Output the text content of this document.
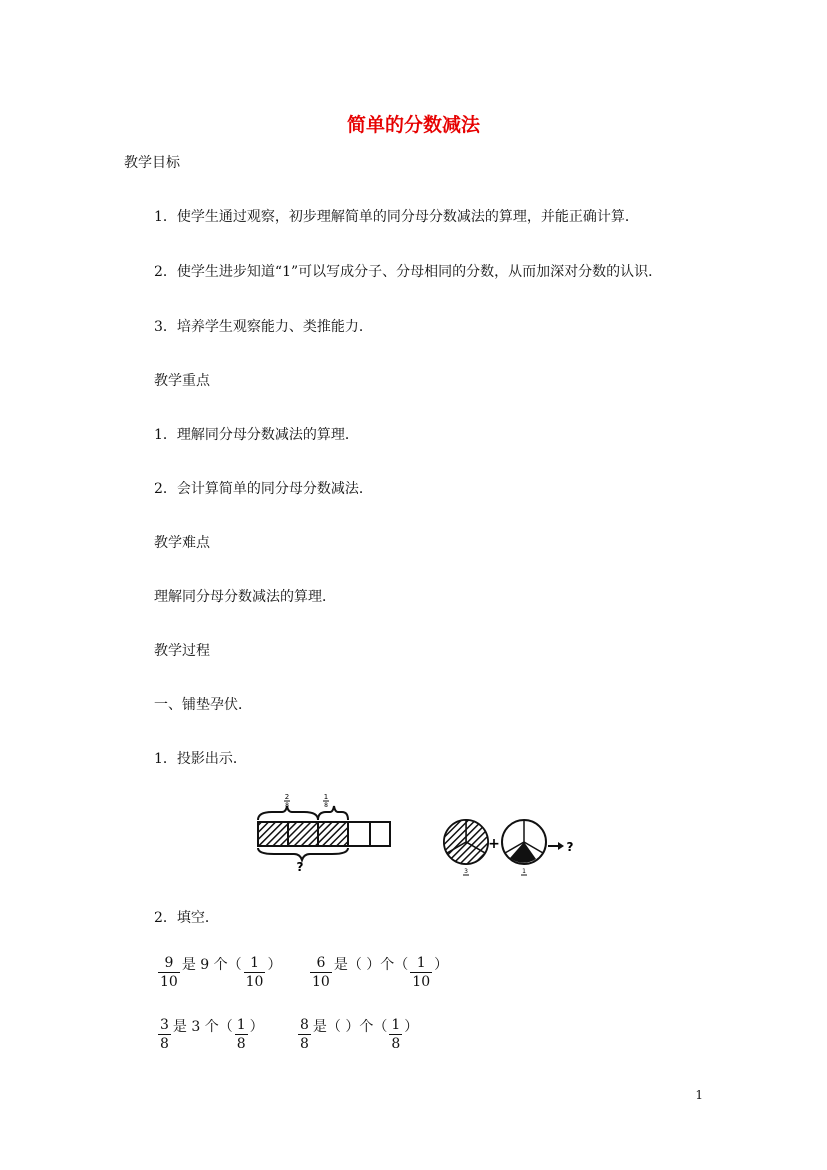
简单的分数减法
教学目标
1．使学生通过观察，初步理解简单的同分母分数减法的算理，并能正确计算．
2．使学生进步知道“1”可以写成分子、分母相同的分数，从而加深对分数的认识．
3．培养学生观察能力、类推能力．
教学重点
1．理解同分母分数减法的算理．
2．会计算简单的同分母分数减法．
教学难点
理解同分母分数减法的算理．
教学过程
一、铺垫孕伏．
1．投影出示．
2
8
1
8
?	3
+
1
?
2．填空．
$\frac{9}{10}$ 是 9 个（ $\frac{1}{10}$ ） $\frac{6}{10}$ 是（ ）个（ $\frac{1}{10}$ ）
$\frac{3}{8}$ 是 3 个（ $\frac{1}{8}$ ） $\frac{8}{8}$ 是（ ）个（ $\frac{1}{8}$ ）
1
